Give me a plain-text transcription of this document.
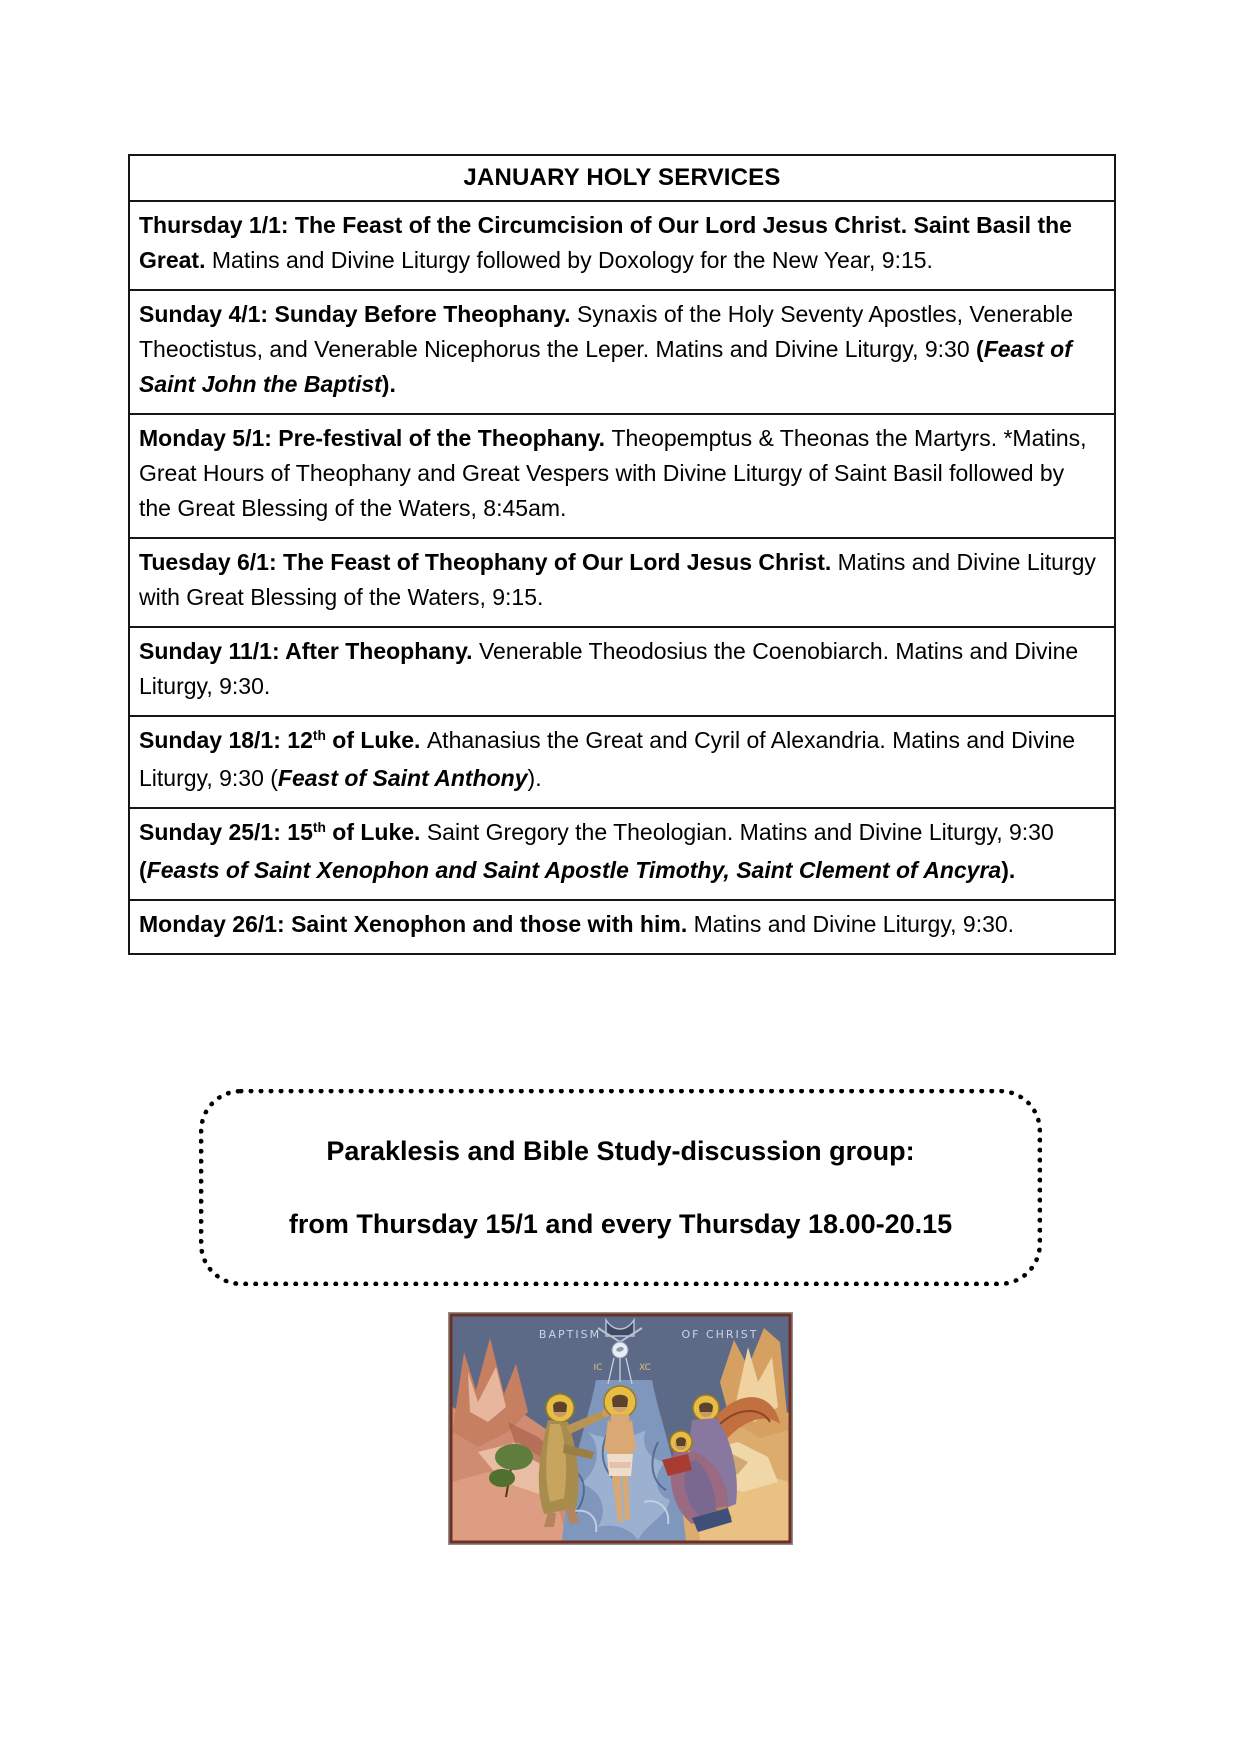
JANUARY HOLY SERVICES
Thursday 1/1: The Feast of the Circumcision of Our Lord Jesus Christ. Saint Basil the Great. Matins and Divine Liturgy followed by Doxology for the New Year, 9:15.
Sunday 4/1: Sunday Before Theophany. Synaxis of the Holy Seventy Apostles, Venerable Theoctistus, and Venerable Nicephorus the Leper. Matins and Divine Liturgy, 9:30 (Feast of Saint John the Baptist).
Monday 5/1: Pre-festival of the Theophany. Theopemptus & Theonas the Martyrs. *Matins, Great Hours of Theophany and Great Vespers with Divine Liturgy of Saint Basil followed by the Great Blessing of the Waters, 8:45am.
Tuesday 6/1: The Feast of Theophany of Our Lord Jesus Christ. Matins and Divine Liturgy with Great Blessing of the Waters, 9:15.
Sunday 11/1: After Theophany. Venerable Theodosius the Coenobiarch. Matins and Divine Liturgy, 9:30.
Sunday 18/1: 12th of Luke. Athanasius the Great and Cyril of Alexandria. Matins and Divine Liturgy, 9:30 (Feast of Saint Anthony).
Sunday 25/1: 15th of Luke. Saint Gregory the Theologian. Matins and Divine Liturgy, 9:30 (Feasts of Saint Xenophon and Saint Apostle Timothy, Saint Clement of Ancyra).
Monday 26/1: Saint Xenophon and those with him. Matins and Divine Liturgy, 9:30.
Paraklesis and Bible Study-discussion group:
from Thursday 15/1 and every Thursday 18.00-20.15
BAPTISM	OF CHRIST
IC	XC
